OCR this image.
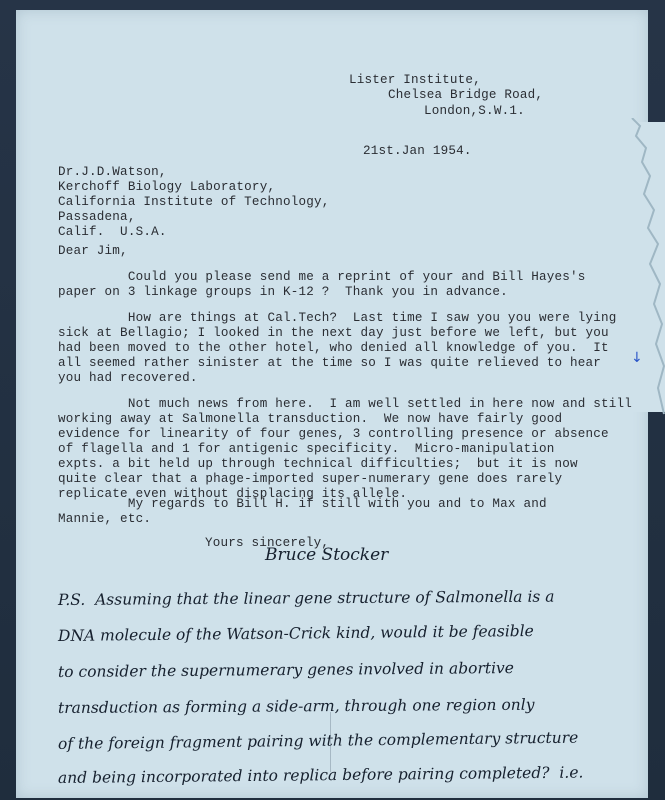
Lister Institute,
Chelsea Bridge Road,
London,S.W.1.
21st.Jan 1954.
Dr.J.D.Watson,
Kerchoff Biology Laboratory,
California Institute of Technology,
Passadena,
Calif.  U.S.A.
Dear Jim,
Could you please send me a reprint of your and Bill Hayes's
paper on 3 linkage groups in K-12 ?  Thank you in advance.
How are things at Cal.Tech?  Last time I saw you you were lying
sick at Bellagio; I looked in the next day just before we left, but you
had been moved to the other hotel, who denied all knowledge of you.  It
all seemed rather sinister at the time so I was quite relieved to hear
you had recovered.
Not much news from here.  I am well settled in here now and still
working away at Salmonella transduction.  We now have fairly good
evidence for linearity of four genes, 3 controlling presence or absence
of flagella and 1 for antigenic specificity.  Micro-manipulation
expts. a bit held up through technical difficulties;  but it is now
quite clear that a phage-imported super-numerary gene does rarely
replicate even without displacing its allele.
My regards to Bill H. if still with you and to Max and
Mannie, etc.
Yours sincerely,
Bruce Stocker
P.S.  Assuming that the linear gene structure of Salmonella is a
DNA molecule of the Watson-Crick kind, would it be feasible
to consider the supernumerary genes involved in abortive
transduction as forming a side-arm, through one region only
of the foreign fragment pairing with the complementary structure
and being incorporated into replica before pairing completed?  i.e.
↓
